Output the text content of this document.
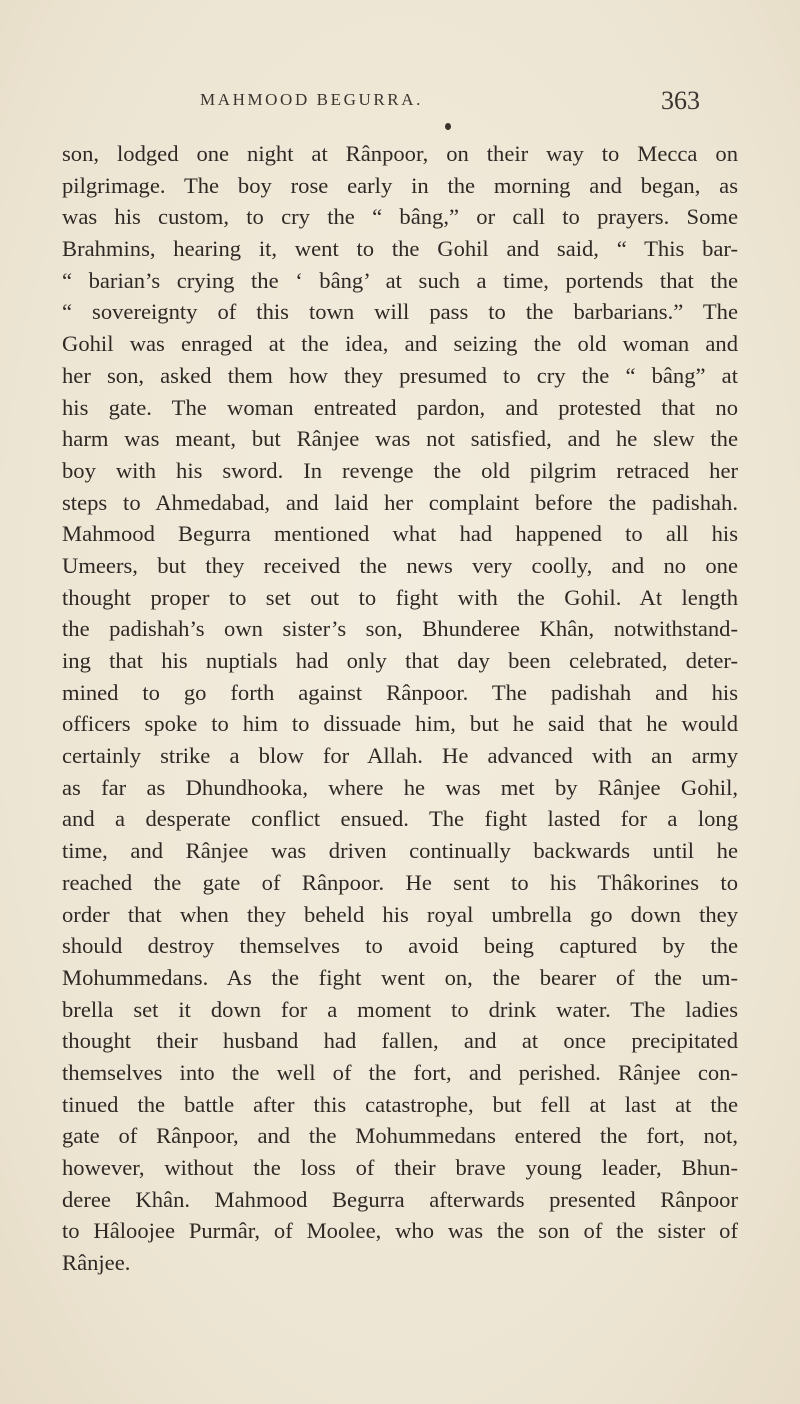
MAHMOOD BEGURRA.	363
son, lodged one night at Rânpoor, on their way to Mecca on
pilgrimage. The boy rose early in the morning and began, as
was his custom, to cry the “ bâng,” or call to prayers. Some
Brahmins, hearing it, went to the Gohil and said, “ This bar-
“ barian’s crying the ‘ bâng’ at such a time, portends that the
“ sovereignty of this town will pass to the barbarians.” The
Gohil was enraged at the idea, and seizing the old woman and
her son, asked them how they presumed to cry the “ bâng” at
his gate. The woman entreated pardon, and protested that no
harm was meant, but Rânjee was not satisfied, and he slew the
boy with his sword. In revenge the old pilgrim retraced her
steps to Ahmedabad, and laid her complaint before the padishah.
Mahmood Begurra mentioned what had happened to all his
Umeers, but they received the news very coolly, and no one
thought proper to set out to fight with the Gohil. At length
the padishah’s own sister’s son, Bhunderee Khân, notwithstand-
ing that his nuptials had only that day been celebrated, deter-
mined to go forth against Rânpoor. The padishah and his
officers spoke to him to dissuade him, but he said that he would
certainly strike a blow for Allah. He advanced with an army
as far as Dhundhooka, where he was met by Rânjee Gohil,
and a desperate conflict ensued. The fight lasted for a long
time, and Rânjee was driven continually backwards until he
reached the gate of Rânpoor. He sent to his Thâkorines to
order that when they beheld his royal umbrella go down they
should destroy themselves to avoid being captured by the
Mohummedans. As the fight went on, the bearer of the um-
brella set it down for a moment to drink water. The ladies
thought their husband had fallen, and at once precipitated
themselves into the well of the fort, and perished. Rânjee con-
tinued the battle after this catastrophe, but fell at last at the
gate of Rânpoor, and the Mohummedans entered the fort, not,
however, without the loss of their brave young leader, Bhun-
deree Khân. Mahmood Begurra afterwards presented Rânpoor
to Hâloojee Purmâr, of Moolee, who was the son of the sister of
Rânjee.
